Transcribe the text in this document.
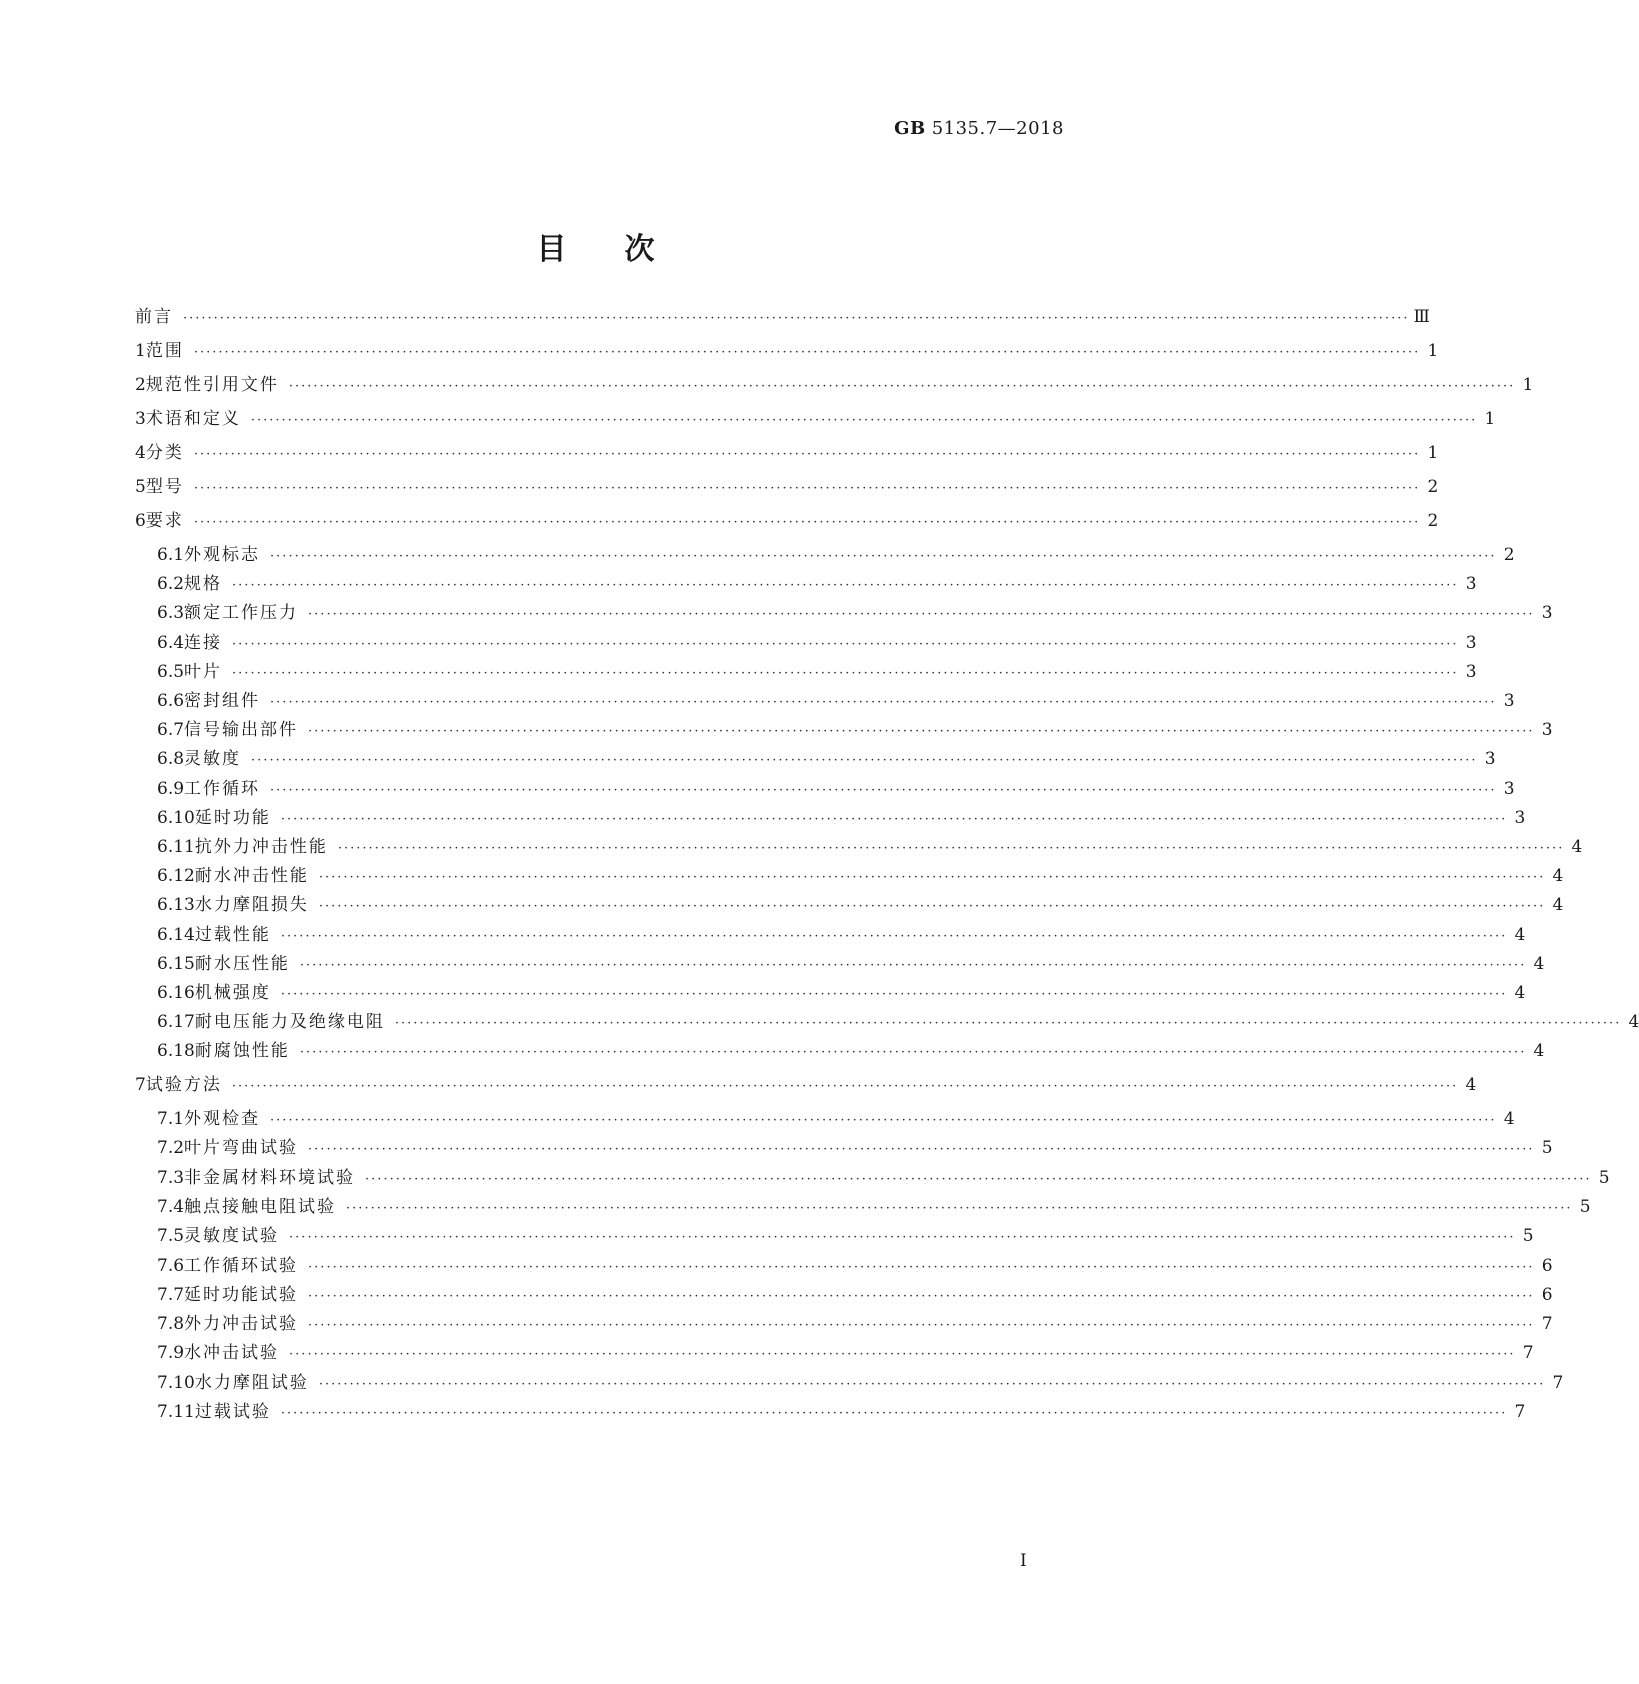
GB 5135.7—2018
目次
前言 ········································································································································································································ Ⅲ
1 范围 ········································································································································································································ 1
2 规范性引用文件 ········································································································································································································ 1
3 术语和定义 ········································································································································································································ 1
4 分类 ········································································································································································································ 1
5 型号 ········································································································································································································ 2
6 要求 ········································································································································································································ 2
6.1 外观标志 ········································································································································································································ 2
6.2 规格 ········································································································································································································ 3
6.3 额定工作压力 ········································································································································································································ 3
6.4 连接 ········································································································································································································ 3
6.5 叶片 ········································································································································································································ 3
6.6 密封组件 ········································································································································································································ 3
6.7 信号输出部件 ········································································································································································································ 3
6.8 灵敏度 ········································································································································································································ 3
6.9 工作循环 ········································································································································································································ 3
6.10 延时功能 ········································································································································································································ 3
6.11 抗外力冲击性能 ········································································································································································································ 4
6.12 耐水冲击性能 ········································································································································································································ 4
6.13 水力摩阻损失 ········································································································································································································ 4
6.14 过载性能 ········································································································································································································ 4
6.15 耐水压性能 ········································································································································································································ 4
6.16 机械强度 ········································································································································································································ 4
6.17 耐电压能力及绝缘电阻 ········································································································································································································ 4
6.18 耐腐蚀性能 ········································································································································································································ 4
7 试验方法 ········································································································································································································ 4
7.1 外观检查 ········································································································································································································ 4
7.2 叶片弯曲试验 ········································································································································································································ 5
7.3 非金属材料环境试验 ········································································································································································································ 5
7.4 触点接触电阻试验 ········································································································································································································ 5
7.5 灵敏度试验 ········································································································································································································ 5
7.6 工作循环试验 ········································································································································································································ 6
7.7 延时功能试验 ········································································································································································································ 6
7.8 外力冲击试验 ········································································································································································································ 7
7.9 水冲击试验 ········································································································································································································ 7
7.10 水力摩阻试验 ········································································································································································································ 7
7.11 过载试验 ········································································································································································································ 7
Ⅰ
